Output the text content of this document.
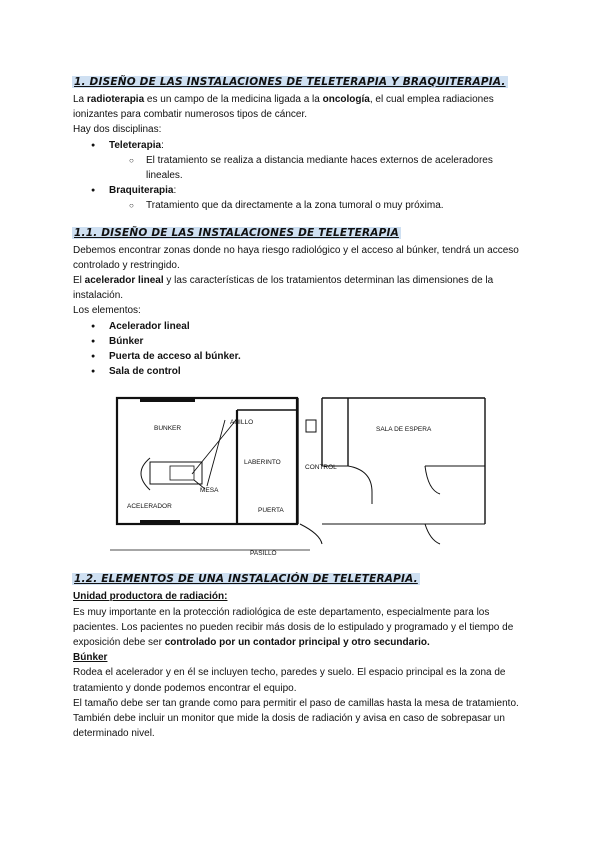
1. DISEÑO DE LAS INSTALACIONES DE TELETERAPIA Y BRAQUITERAPIA.

La radioterapia es un campo de la medicina ligada a la oncología, el cual emplea radiaciones ionizantes para combatir numerosos tipos de cáncer.

Hay dos disciplinas:

● Teleterapia:
○ El tratamiento se realiza a distancia mediante haces externos de aceleradores lineales.
● Braquiterapia:
○ Tratamiento que da directamente a la zona tumoral o muy próxima.
1.1. DISEÑO DE LAS INSTALACIONES DE TELETERAPIA

Debemos encontrar zonas donde no haya riesgo radiológico y el acceso al búnker, tendrá un acceso controlado y restringido.

El acelerador lineal y las características de los tratamientos determinan las dimensiones de la instalación.

Los elementos:

● Acelerador lineal
● Búnker
● Puerta de acceso al búnker.
● Sala de control
1.2. ELEMENTOS DE UNA INSTALACIÓN DE TELETERAPIA.

Unidad productora de radiación:

Es muy importante en la protección radiológica de este departamento, especialmente para los pacientes. Los pacientes no pueden recibir más dosis de lo estipulado y programado y el tiempo de exposición debe ser controlado por un contador principal y otro secundario.

Búnker

Rodea el acelerador y en él se incluyen techo, paredes y suelo. El espacio principal es la zona de tratamiento y donde podemos encontrar el equipo.

El tamaño debe ser tan grande como para permitir el paso de camillas hasta la mesa de tratamiento. También debe incluir un monitor que mide la dosis de radiación y avisa en caso de sobrepasar un determinado nivel.

BUNKER
ANILLO
LABERINTO
CONTROL
SALA DE ESPERA
MESA
ACELERADOR
PUERTA
PASILLO
